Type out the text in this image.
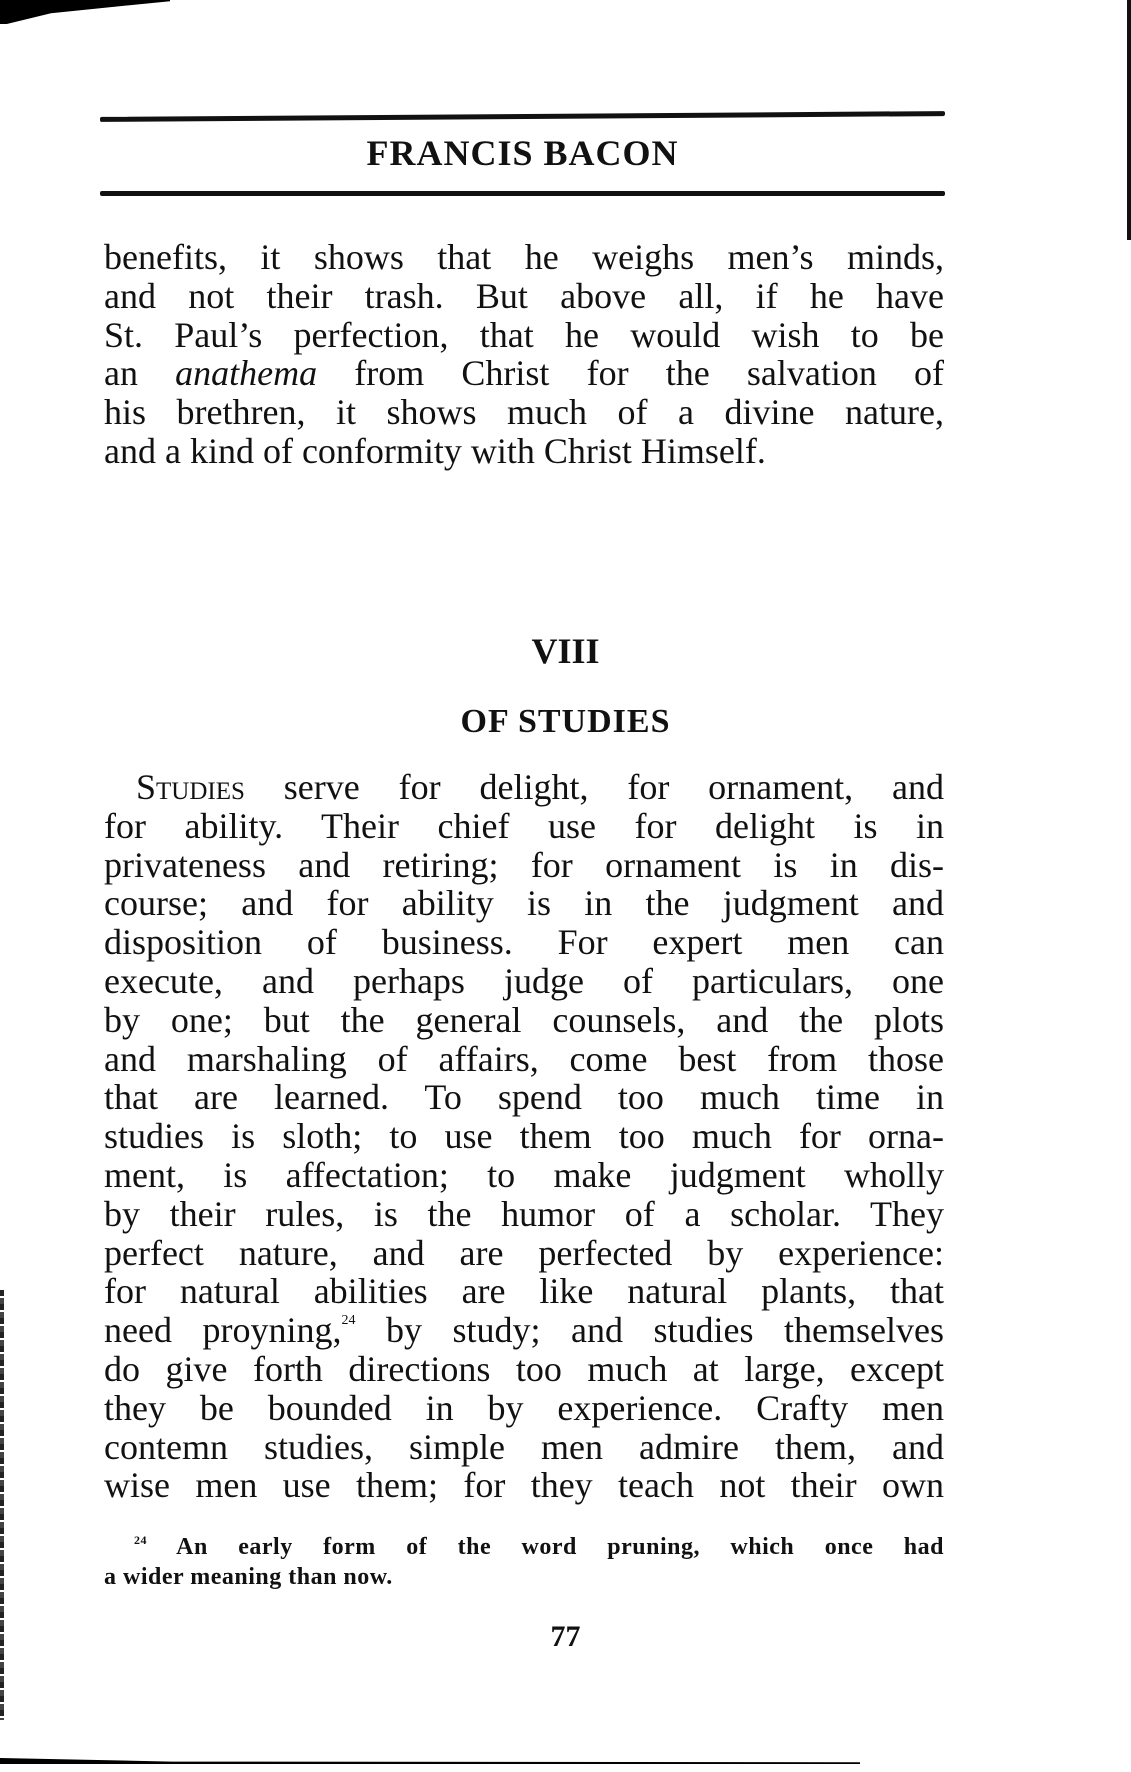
FRANCIS BACON
benefits, it shows that he weighs men’s minds,
and not their trash. But above all, if he have
St. Paul’s perfection, that he would wish to be
an anathema from Christ for the salvation of
his brethren, it shows much of a divine nature,
and a kind of conformity with Christ Himself.
VIII
OF STUDIES
Studies serve for delight, for ornament, and
for ability. Their chief use for delight is in
privateness and retiring; for ornament is in dis-
course; and for ability is in the judgment and
disposition of business. For expert men can
execute, and perhaps judge of particulars, one
by one; but the general counsels, and the plots
and marshaling of affairs, come best from those
that are learned. To spend too much time in
studies is sloth; to use them too much for orna-
ment, is affectation; to make judgment wholly
by their rules, is the humor of a scholar. They
perfect nature, and are perfected by experience:
for natural abilities are like natural plants, that
need proyning,$^{24}$ by study; and studies themselves
do give forth directions too much at large, except
they be bounded in by experience. Crafty men
contemn studies, simple men admire them, and
wise men use them; for they teach not their own
$^{24}$ An early form of the word pruning, which once had
a wider meaning than now.
77
